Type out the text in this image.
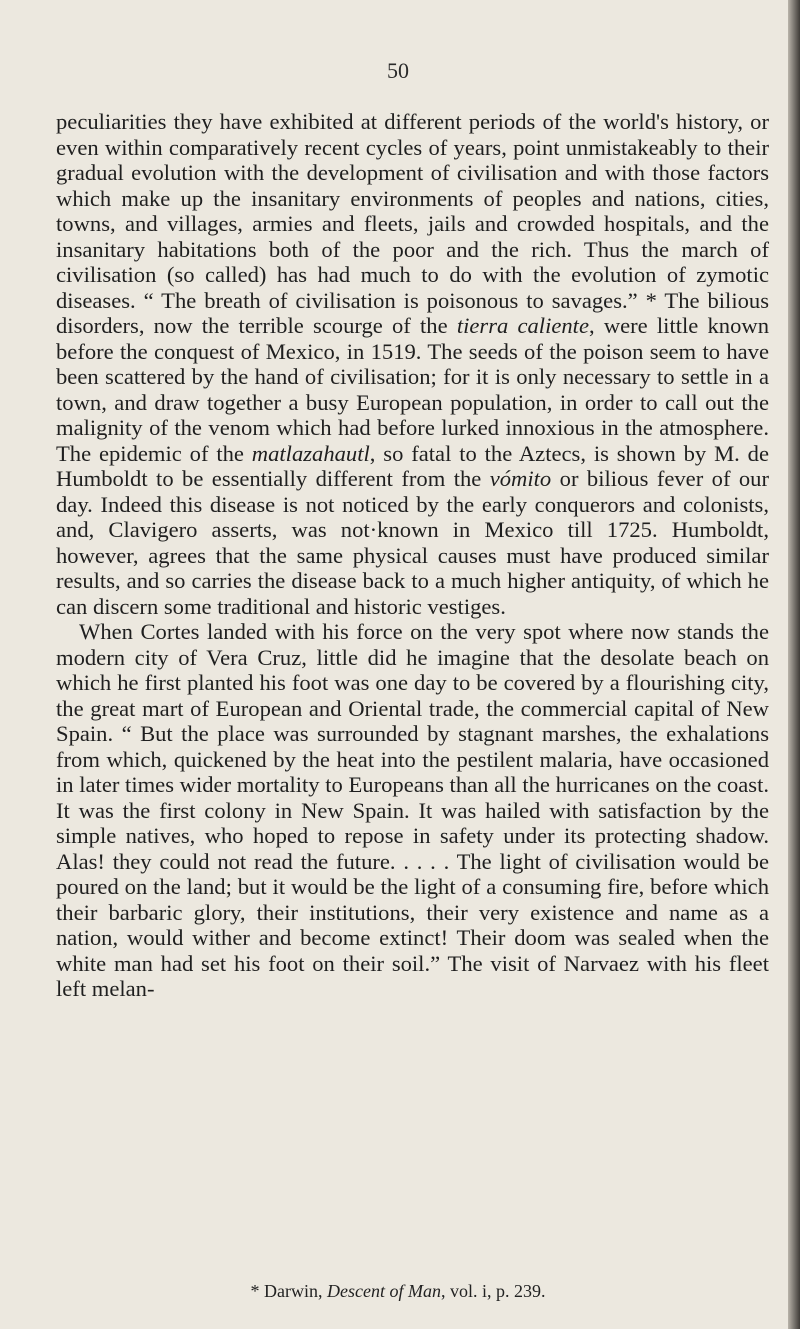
50

peculiarities they have exhibited at different periods of the world's history, or even within comparatively recent cycles of years, point unmistakeably to their gradual evolution with the development of civilisation and with those factors which make up the insanitary environments of peoples and nations, cities, towns, and villages, armies and fleets, jails and crowded hospitals, and the insanitary habitations both of the poor and the rich. Thus the march of civilisation (so called) has had much to do with the evolution of zymotic diseases. “ The breath of civilisation is poisonous to savages.” * The bilious disorders, now the terrible scourge of the tierra caliente, were little known before the conquest of Mexico, in 1519. The seeds of the poison seem to have been scattered by the hand of civilisation; for it is only necessary to settle in a town, and draw together a busy European population, in order to call out the malignity of the venom which had before lurked innoxious in the atmosphere. The epidemic of the matlazahautl, so fatal to the Aztecs, is shown by M. de Humboldt to be essentially different from the vómito or bilious fever of our day. Indeed this disease is not noticed by the early conquerors and colonists, and, Clavigero asserts, was not·known in Mexico till 1725. Humboldt, however, agrees that the same physical causes must have produced similar results, and so carries the disease back to a much higher antiquity, of which he can discern some traditional and historic vestiges.

When Cortes landed with his force on the very spot where now stands the modern city of Vera Cruz, little did he imagine that the desolate beach on which he first planted his foot was one day to be covered by a flourishing city, the great mart of European and Oriental trade, the commercial capital of New Spain. “ But the place was surrounded by stagnant marshes, the exhalations from which, quickened by the heat into the pestilent malaria, have occasioned in later times wider mortality to Europeans than all the hurricanes on the coast. It was the first colony in New Spain. It was hailed with satisfaction by the simple natives, who hoped to repose in safety under its protecting shadow. Alas! they could not read the future. . . . . The light of civilisation would be poured on the land; but it would be the light of a consuming fire, before which their barbaric glory, their institutions, their very existence and name as a nation, would wither and become extinct! Their doom was sealed when the white man had set his foot on their soil.” The visit of Narvaez with his fleet left melan-

* Darwin, Descent of Man, vol. i, p. 239.
